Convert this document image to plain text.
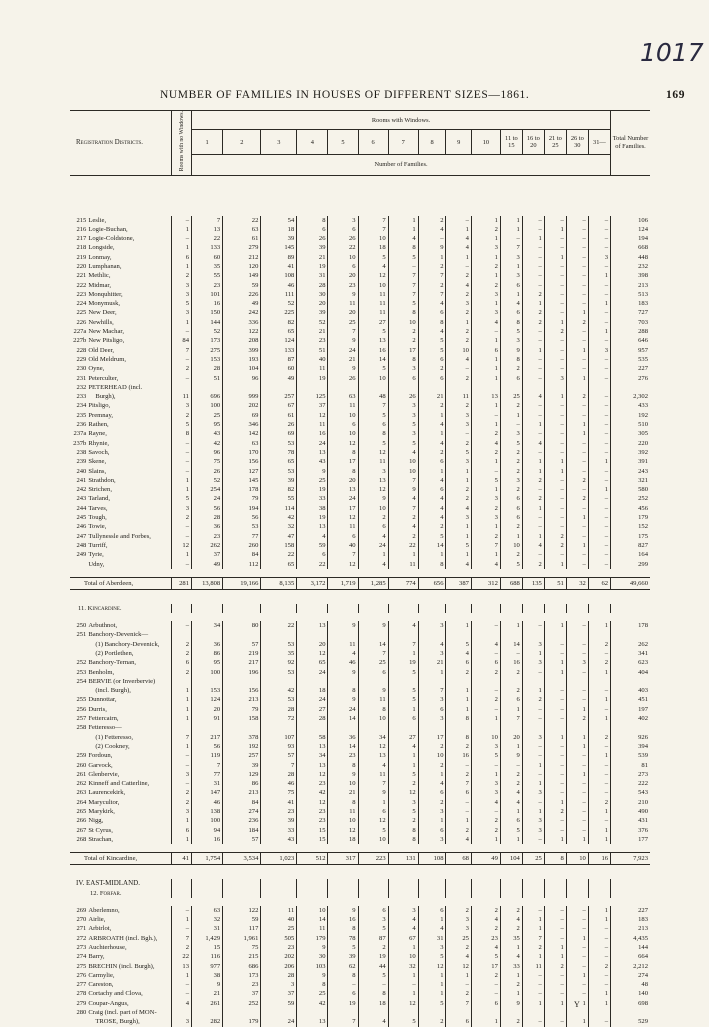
1017
NUMBER OF FAMILIES IN HOUSES OF DIFFERENT SIZES—1861.	169
Registration Districts.		Rooms with no Windows.	Rooms with Windows.															Total Number of Families.
			1	2	3	4	5	6	7	8	9	10	11 to 15	16 to 20	21 to 25	26 to 30	31—	
			Number of Families.															

215	Leslie,	–	7	22	54	8	3	7	1	2	–	1	1	–	–	–	–	106
216	Logie-Buchan,	1	13	63	18	6	6	7	1	4	1	2	1	–	1	–	–	124
217	Logie-Coldstone,	–	22	61	39	26	26	10	4	–	4	1	–	1	–	–	–	194
218	Longside,	1	133	279	145	39	22	18	8	9	4	3	7	–	–	–	–	668
219	Lonmay,	6	60	212	89	21	10	5	5	1	1	1	3	–	1	–	3	448
220	Lumphanan,	1	35	120	41	19	6	4	–	2	–	2	1	–	–	–	–	232
221	Methlic,	2	55	149	108	31	20	12	7	7	2	1	3	–	–	–	1	398
222	Midmar,	3	23	59	46	28	23	10	7	2	4	2	6	–	–	–	–	213
223	Monquhitter,	3	101	226	111	30	9	11	7	7	2	3	1	2	–	–	–	513
224	Monymusk,	5	16	49	52	20	11	11	5	4	3	1	4	1	–	–	1	183
225	New Deer,	3	150	242	225	39	20	11	8	6	2	3	6	2	–	1	–	727
226	Newhills,	1	144	336	82	52	25	27	10	8	1	4	8	2	1	2	–	703
227a	New Machar,	–	52	122	65	21	7	5	2	4	2	–	5	–	2	–	1	288
227b	New Pitsligo,	84	173	208	124	23	9	13	2	5	2	1	3	–	–	–	–	646
228	Old Deer,	7	275	399	133	51	24	16	17	5	10	6	9	1	–	1	3	957
229	Old Meldrum,	–	153	193	87	40	21	14	8	6	4	1	8	–	–	–	–	535
230	Oyne,	2	28	104	60	11	9	5	3	2	–	1	2	–	–	–	–	227
231	Peterculter,	–	51	96	49	19	26	10	6	6	2	1	6	–	3	1	–	276
232	PETERHEAD (incl.																	
233	Burgh),	11	696	999	257	125	63	48	26	21	11	13	25	4	1	2	–	2,302
234	Pitsligo,	3	100	202	67	37	11	7	3	2	2	1	2	–	–	–	–	433
235	Premnay,	2	25	69	61	12	10	5	3	1	3	–	1	–	–	–	–	192
236	Rathen,	5	95	346	26	11	6	6	5	4	3	1	–	1	–	1	–	510
237a	Rayne,	8	43	142	69	16	10	8	3	1	–	2	3	–	–	1	–	305
237b	Rhynie,	–	42	63	53	24	12	5	5	4	2	4	5	4	–	–	–	220
238	Savoch,	–	96	170	78	13	8	12	4	2	5	2	2	–	–	–	–	392
239	Skene,	–	75	156	65	43	17	11	10	6	3	1	2	1	1	–	1	391
240	Slains,	–	26	127	53	9	8	3	10	1	1	–	2	1	1	–	–	243
241	Strathdon,	1	52	145	39	25	20	13	7	4	1	5	3	2	–	2	–	321
242	Strichen,	1	254	178	82	19	13	12	9	6	2	1	2	–	–	–	1	580
243	Tarland,	5	24	79	55	33	24	9	4	4	2	3	6	2	–	2	–	252
244	Tarves,	3	56	194	114	38	17	10	7	4	4	2	6	1	–	–	–	456
245	Tough,	2	28	56	42	19	12	2	2	4	3	3	6	–	–	1	–	179
246	Towie,	–	36	53	32	13	11	6	4	2	1	1	2	–	–	–	–	152
247	Tullynessle and Forbes,	–	23	77	47	4	6	4	2	5	1	2	1	1	2	–	–	175
248	Turriff,	12	262	260	158	59	40	24	22	14	5	7	10	4	2	1	–	827
249	Tyrie,	1	37	84	22	6	7	1	1	1	1	1	2	–	–	–	–	164
	Udny,	–	49	112	65	22	12	4	11	8	4	4	5	2	1	–	–	299

Total of Aberdeen,		281	13,808	19,166	8,135	3,172	1,719	1,285	774	656	387	312	688	135	51	32	62	49,660

11. Kincardine.																		

250	Arbuthnot,	–	34	80	22	13	9	9	4	3	1	–	1	–	1	–	1	178
251	Banchory-Devenick—																	
	(1) Banchory-Devenick,	2	36	57	53	20	11	14	7	4	5	4	14	3	–	–	2	262
	(2) Portlethen,	2	86	219	35	12	4	7	1	3	4	–	–	1	–	–	–	341
252	Banchory-Ternan,	6	95	217	92	65	46	25	19	21	6	6	16	3	1	3	2	623
253	Benholm,	2	100	196	53	24	9	6	5	1	2	2	2	–	1	–	1	404
254	BERVIE (or Inverbervie)																	
	(incl. Burgh),	1	153	156	42	18	8	9	5	7	1	–	2	1	–	–	–	403
255	Dunnottar,	1	124	213	53	24	9	11	5	3	1	2	6	2	–	–	1	451
256	Durris,	1	20	79	28	27	24	8	1	6	1	–	1	–	–	1	–	197
257	Fettercairn,	1	91	158	72	28	14	10	6	3	8	1	7	–	–	2	1	402
258	Fetteresso—																	
	(1) Fetteresso,	7	217	378	107	58	36	34	27	17	8	10	20	3	1	1	2	926
	(2) Cookney,	1	56	192	93	13	14	12	4	2	2	3	1	–	–	1	–	394
259	Fordoun,	–	119	257	57	34	23	13	1	10	16	5	9	–	–	–	1	539
260	Garvock,	–	7	39	7	13	8	4	1	2	–	–	–	1	–	–	–	81
261	Glenbervie,	3	77	129	28	12	9	11	5	1	2	1	2	–	–	1	–	273
262	Kinneff and Catterline,	–	31	86	46	23	10	7	2	4	7	3	2	1	–	–	–	222
263	Laurencekirk,	2	147	213	75	42	21	9	12	6	6	3	4	3	–	–	–	543
264	Marycultor,	2	46	84	41	12	8	1	3	2	–	4	4	–	1	–	2	210
265	Marykirk,	3	138	274	23	23	11	6	5	3	–	–	1	1	2	–	1	490
266	Nigg,	1	100	236	39	23	10	12	2	1	1	2	6	3	–	–	–	431
267	St Cyrus,	6	94	184	33	15	12	5	8	6	2	2	5	3	–	–	1	376
268	Strachan,	1	16	57	43	15	18	10	8	3	4	1	1	–	1	1	1	177

Total of Kincardine,		41	1,754	3,534	1,023	512	317	223	131	108	68	49	104	25	8	10	16	7,923

IV. EAST-MIDLAND.																		
12. Forfar.																		

269	Aberlemno,	–	63	122	11	10	9	6	3	6	2	2	2	–	–	–	1	227
270	Airlie,	1	32	59	40	14	16	3	4	1	3	4	4	1	–	–	1	183
271	Arbirlot,	–	31	117	25	11	8	5	4	4	3	2	2	1	–	–	–	213
272	ARBROATH (incl. Bgh.),	7	1,429	1,961	505	179	78	87	67	31	25	23	35	7	–	1	–	4,435
273	Auchterhouse,	2	15	75	23	9	5	2	1	3	2	4	1	2	1	–	–	144
274	Barry,	22	116	215	202	30	39	19	10	5	4	5	4	1	1	–	–	664
275	BRECHIN (incl. Burgh),	13	977	686	206	103	62	44	32	12	12	17	33	11	2	–	2	2,212
276	Carmylie,	1	38	173	28	9	8	5	1	1	1	2	1	–	–	1	–	274
277	Careston,	–	9	23	3	8	–	–	–	1	–	–	2	–	–	–	–	48
278	Cortachy and Clova,	–	21	37	37	25	6	8	1	1	2	–	1	–	–	–	1	140
279	Coupar-Angus,	4	261	252	59	42	19	18	12	5	7	6	9	1	1	1	1	698
280	Craig (incl. part of MON-																	
	TROSE, Burgh),	3	282	179	24	13	7	4	5	2	6	1	2	–	–	1	–	529
Y
